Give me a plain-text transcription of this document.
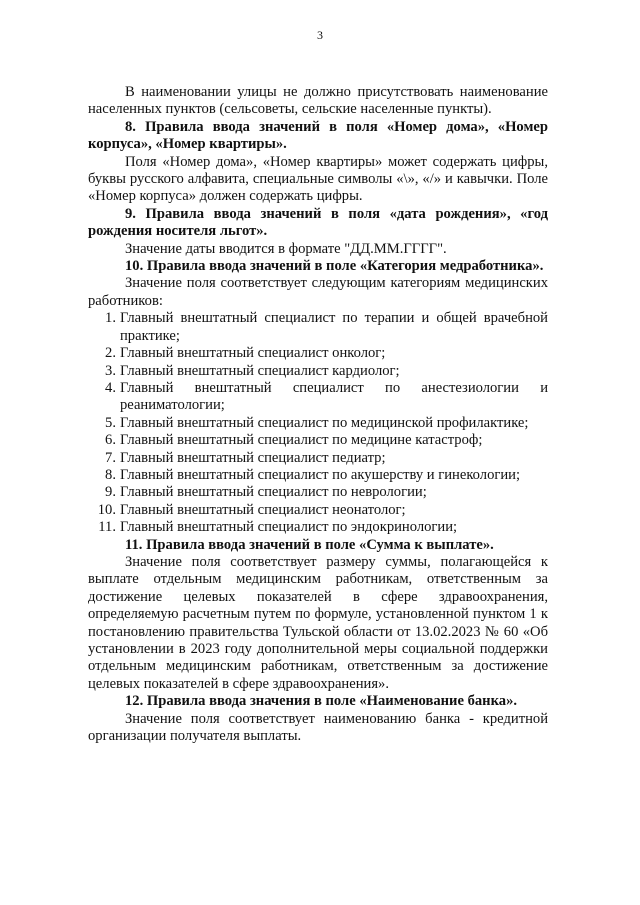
3

В наименовании улицы не должно присутствовать наименование населенных пунктов (сельсоветы, сельские населенные пункты).

8. Правила ввода значений в поля «Номер дома», «Номер корпуса», «Номер квартиры».

Поля «Номер дома», «Номер квартиры» может содержать цифры, буквы русского алфавита, специальные символы «\», «/» и кавычки. Поле «Номер корпуса» должен содержать цифры.

9. Правила ввода значений в поля «дата рождения», «год рождения носителя льгот».

Значение даты вводится в формате "ДД.ММ.ГГГГ".

10. Правила ввода значений в поле «Категория медработника».

Значение поля соответствует следующим категориям медицинских работников:

1. Главный внештатный специалист по терапии и общей врачебной практике;
2. Главный внештатный специалист онколог;
3. Главный внештатный специалист кардиолог;
4. Главный внештатный специалист по анестезиологии и реаниматологии;
5. Главный внештатный специалист по медицинской профилактике;
6. Главный внештатный специалист по медицине катастроф;
7. Главный внештатный специалист педиатр;
8. Главный внештатный специалист по акушерству и гинекологии;
9. Главный внештатный специалист по неврологии;
10. Главный внештатный специалист неонатолог;
11. Главный внештатный специалист по эндокринологии;

11. Правила ввода значений в поле «Сумма к выплате».

Значение поля соответствует размеру суммы, полагающейся к выплате отдельным медицинским работникам, ответственным за достижение целевых показателей в сфере здравоохранения, определяемую расчетным путем по формуле, установленной пунктом 1 к постановлению правительства Тульской области от 13.02.2023 № 60 «Об установлении в 2023 году дополнительной меры социальной поддержки отдельным медицинским работникам, ответственным за достижение целевых показателей в сфере здравоохранения».

12. Правила ввода значения в поле «Наименование банка».

Значение поля соответствует наименованию банка - кредитной организации получателя выплаты.
